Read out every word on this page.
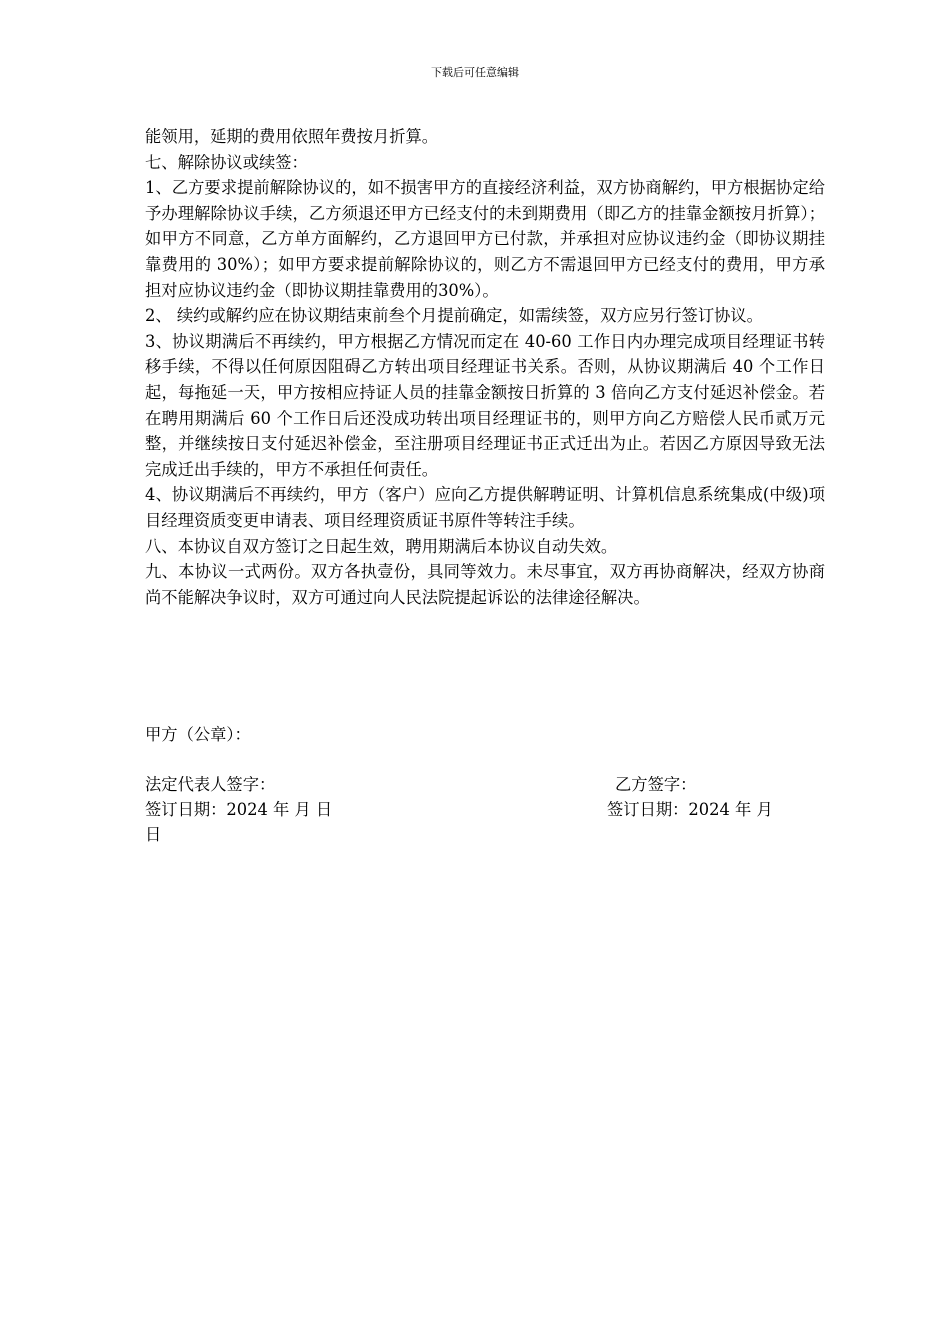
下载后可任意编辑

能领用，延期的费用依照年费按月折算。

七、解除协议或续签：

1、乙方要求提前解除协议的，如不损害甲方的直接经济利益，双方协商解约，甲方根据协定给予办理解除协议手续，乙方须退还甲方已经支付的未到期费用（即乙方的挂靠金额按月折算）；如甲方不同意，乙方单方面解约，乙方退回甲方已付款，并承担对应协议违约金（即协议期挂靠费用的 30%）；如甲方要求提前解除协议的，则乙方不需退回甲方已经支付的费用，甲方承担对应协议违约金（即协议期挂靠费用的30%）。

2、 续约或解约应在协议期结束前叁个月提前确定，如需续签，双方应另行签订协议。

3、协议期满后不再续约，甲方根据乙方情况而定在 40-60 工作日内办理完成项目经理证书转移手续，不得以任何原因阻碍乙方转出项目经理证书关系。否则，从协议期满后 40 个工作日起，每拖延一天，甲方按相应持证人员的挂靠金额按日折算的 3 倍向乙方支付延迟补偿金。若在聘用期满后 60 个工作日后还没成功转出项目经理证书的，则甲方向乙方赔偿人民币贰万元整，并继续按日支付延迟补偿金，至注册项目经理证书正式迁出为止。若因乙方原因导致无法完成迁出手续的，甲方不承担任何责任。

4、协议期满后不再续约，甲方（客户）应向乙方提供解聘证明、计算机信息系统集成(中级)项目经理资质变更申请表、项目经理资质证书原件等转注手续。

八、本协议自双方签订之日起生效，聘用期满后本协议自动失效。

九、本协议一式两份。双方各执壹份，具同等效力。未尽事宜，双方再协商解决，经双方协商尚不能解决争议时，双方可通过向人民法院提起诉讼的法律途径解决。

甲方（公章）：
法定代表人签字：	乙方签字：
签订日期：2024 年 月 日	签订日期：2024 年 月
日
